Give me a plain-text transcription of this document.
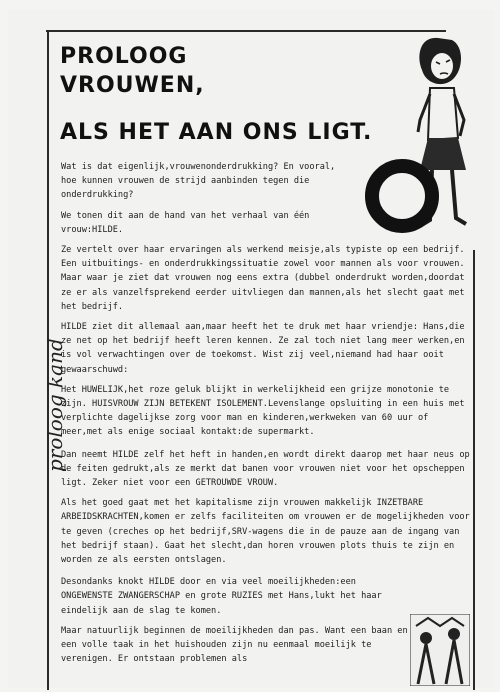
PROLOOG
VROUWEN,
ALS HET AAN ONS LIGT.
proloog kand

Wat is dat eigenlijk,vrouwenonderdrukking? En vooral, hoe kunnen vrouwen de strijd aanbinden tegen die onderdrukking?

We tonen dit aan de hand van het verhaal van één vrouw:HILDE.

Ze vertelt over haar ervaringen als werkend meisje,als typiste op een bedrijf. Een uitbuitings- en onderdrukkingssituatie zowel voor mannen als voor vrouwen. Maar waar je ziet dat vrouwen nog eens extra (dubbel onderdrukt worden,doordat ze er als vanzelfsprekend eerder uitvliegen dan mannen,als het slecht gaat met het bedrijf.

HILDE ziet dit allemaal aan,maar heeft het te druk met haar vriendje: Hans,die ze net op het bedrijf heeft leren kennen. Ze zal toch niet lang meer werken,en is vol verwachtingen over de toekomst. Wist zij veel,niemand had haar ooit gewaarschuwd:

Het HUWELIJK,het roze geluk blijkt in werkelijkheid een grijze monotonie te zijn. HUISVROUW ZIJN BETEKENT ISOLEMENT.Levenslange opsluiting in een huis met verplichte dagelijkse zorg voor man en kinderen,werkweken van 60 uur of meer,met als enige sociaal kontakt:de supermarkt.

Dan neemt HILDE zelf het heft in handen,en wordt direkt daarop met haar neus op de feiten gedrukt,als ze merkt dat banen voor vrouwen niet voor het opscheppen ligt. Zeker niet voor een GETROUWDE VROUW.

Als het goed gaat met het kapitalisme zijn vrouwen makkelijk INZETBARE ARBEIDSKRACHTEN,komen er zelfs faciliteiten om vrouwen er de mogelijkheden voor te geven (creches op het bedrijf,SRV-wagens die in de pauze aan de ingang van het bedrijf staan). Gaat het slecht,dan horen vrouwen plots thuis te zijn en worden ze als eersten ontslagen.

Desondanks knokt HILDE door en via veel moeilijkheden:een ONGEWENSTE ZWANGERSCHAP en grote RUZIES met Hans,lukt het haar eindelijk aan de slag te komen.

Maar natuurlijk beginnen de moeilijkheden dan pas. Want een baan en een volle taak in het huishouden zijn nu eenmaal moeilijk te verenigen. Er ontstaan problemen als
